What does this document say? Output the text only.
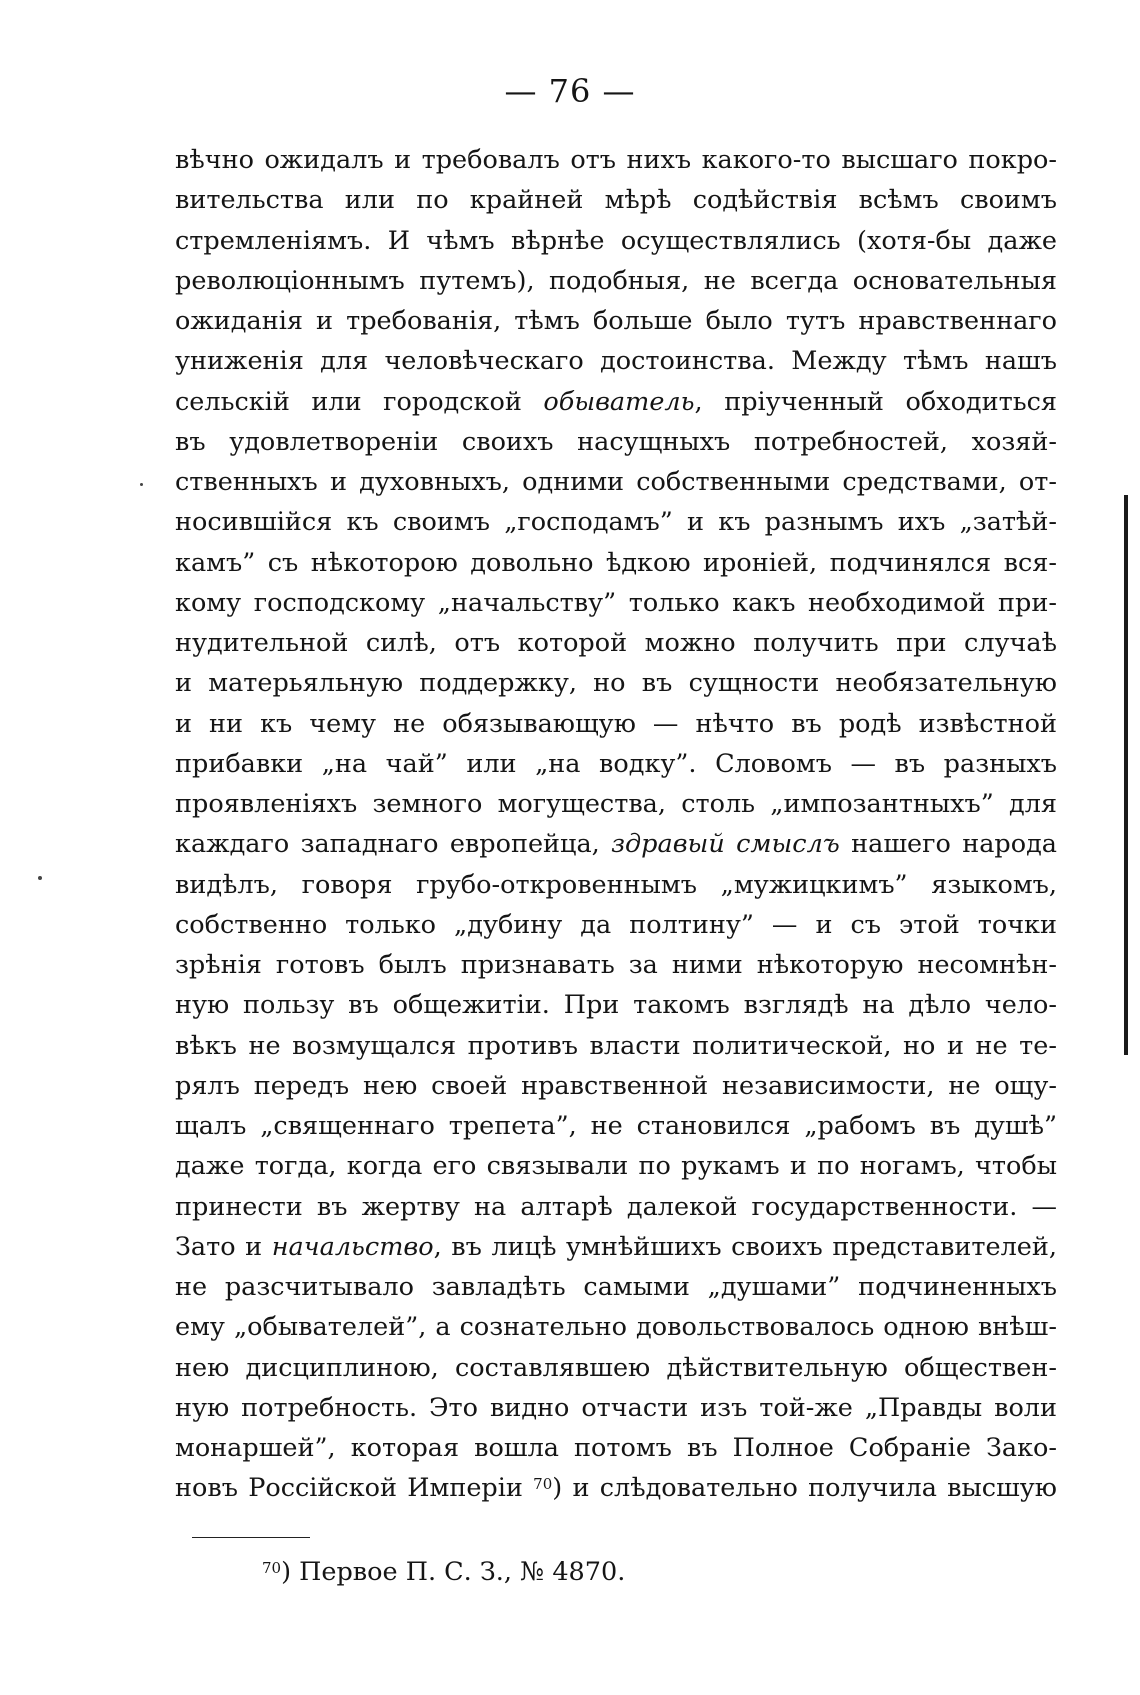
— 76 —
вѣчно ожидалъ и требовалъ отъ нихъ какого-то высшаго покро-
вительства или по крайней мѣрѣ содѣйствія всѣмъ своимъ
стремленіямъ. И чѣмъ вѣрнѣе осуществлялись (хотя-бы даже
революціоннымъ путемъ), подобныя, не всегда основательныя
ожиданія и требованія, тѣмъ больше было тутъ нравственнаго
униженія для человѣческаго достоинства. Между тѣмъ нашъ
сельскій или городской обыватель, пріученный обходиться
въ удовлетвореніи своихъ насущныхъ потребностей, хозяй-
ственныхъ и духовныхъ, одними собственными средствами, от-
носившійся къ своимъ „господамъ” и къ разнымъ ихъ „затѣй-
камъ” съ нѣкоторою довольно ѣдкою ироніей, подчинялся вся-
кому господскому „начальству” только какъ необходимой при-
нудительной силѣ, отъ которой можно получить при случаѣ
и матерьяльную поддержку, но въ сущности необязательную
и ни къ чему не обязывающую — нѣчто въ родѣ извѣстной
прибавки „на чай” или „на водку”. Словомъ — въ разныхъ
проявленіяхъ земного могущества, столь „импозантныхъ” для
каждаго западнаго европейца, здравый смыслъ нашего народа
видѣлъ, говоря грубо-откровеннымъ „мужицкимъ” языкомъ,
собственно только „дубину да полтину” — и съ этой точки
зрѣнія готовъ былъ признавать за ними нѣкоторую несомнѣн-
ную пользу въ общежитіи. При такомъ взглядѣ на дѣло чело-
вѣкъ не возмущался противъ власти политической, но и не те-
рялъ передъ нею своей нравственной независимости, не ощу-
щалъ „священнаго трепета”, не становился „рабомъ въ душѣ”
даже тогда, когда его связывали по рукамъ и по ногамъ, чтобы
принести въ жертву на алтарѣ далекой государственности. —
Зато и начальство, въ лицѣ умнѣйшихъ своихъ представителей,
не разсчитывало завладѣть самыми „душами” подчиненныхъ
ему „обывателей”, а сознательно довольствовалось одною внѣш-
нею дисциплиною, составлявшею дѣйствительную обществен-
ную потребность. Это видно отчасти изъ той-же „Правды воли
монаршей”, которая вошла потомъ въ Полное Собраніе Зако-
новъ Россійской Имперіи $^{70}$) и слѣдовательно получила высшую
$^{70}$) Первое П. С. З., № 4870.
